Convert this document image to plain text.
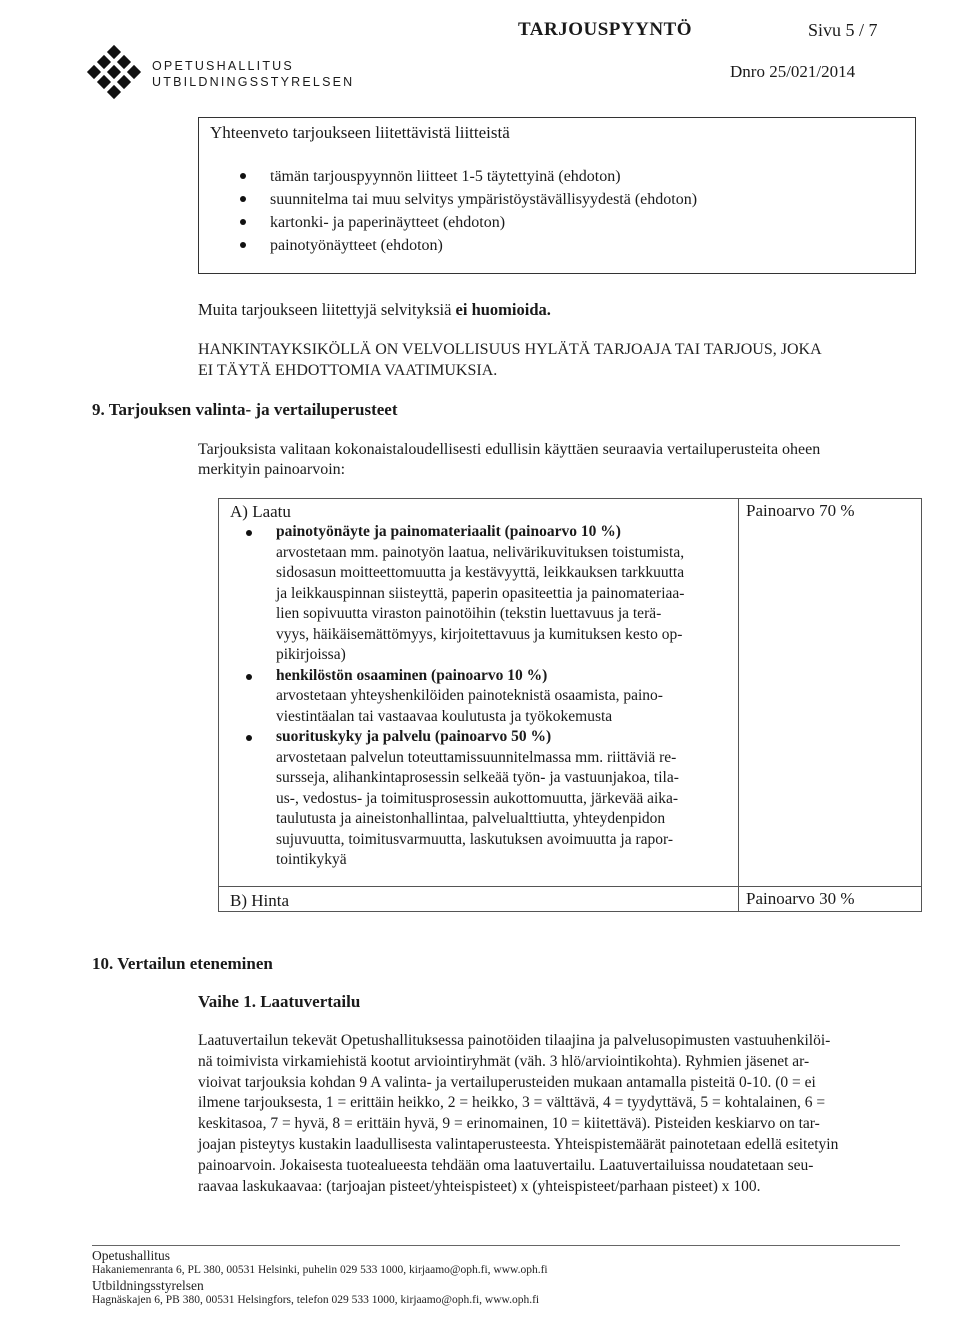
OPETUSHALLITUS
UTBILDNINGSSTYRELSEN
TARJOUSPYYNTÖ	Sivu 5 / 7
Dnro 25/021/2014
Yhteenveto tarjoukseen liitettävistä liitteistä
tämän tarjouspyynnön liitteet 1-5 täytettyinä (ehdoton)
suunnitelma tai muu selvitys ympäristöystävällisyydestä (ehdoton)
kartonki- ja paperinäytteet (ehdoton)
painotyönäytteet (ehdoton)
Muita tarjoukseen liitettyjä selvityksiä ei huomioida.
HANKINTAYKSIKÖLLÄ ON VELVOLLISUUS HYLÄTÄ TARJOAJA TAI TARJOUS, JOKA
EI TÄYTÄ EHDOTTOMIA VAATIMUKSIA.
9. Tarjouksen valinta- ja vertailuperusteet
Tarjouksista valitaan kokonaistaloudellisesti edullisin käyttäen seuraavia vertailuperusteita oheen
merkityin painoarvoin:
A) Laatu	Painoarvo 70 %
painotyönäyte ja painomateriaalit (painoarvo 10 %)
arvostetaan mm. painotyön laatua, nelivärikuvituksen toistumista,
sidosasun moitteettomuutta ja kestävyyttä, leikkauksen tarkkuutta
ja leikkauspinnan siisteyttä, paperin opasiteettia ja painomateriaa-
lien sopivuutta viraston painotöihin (tekstin luettavuus ja terä-
vyys, häikäisemättömyys, kirjoitettavuus ja kumituksen kesto op-
pikirjoissa)
henkilöstön osaaminen (painoarvo 10 %)
arvostetaan yhteyshenkilöiden painoteknistä osaamista, paino-
viestintäalan tai vastaavaa koulutusta ja työkokemusta
suorituskyky ja palvelu (painoarvo 50 %)
arvostetaan palvelun toteuttamissuunnitelmassa mm. riittäviä re-
sursseja, alihankintaprosessin selkeää työn- ja vastuunjakoa, tila-
us-, vedostus- ja toimitusprosessin aukottomuutta, järkevää aika-
taulutusta ja aineistonhallintaa, palvelualttiutta, yhteydenpidon
sujuvuutta, toimitusvarmuutta, laskutuksen avoimuutta ja rapor-
tointikykyä
B) Hinta	Painoarvo 30 %
10. Vertailun eteneminen
Vaihe 1. Laatuvertailu
Laatuvertailun tekevät Opetushallituksessa painotöiden tilaajina ja palvelusopimusten vastuuhenkilöi-
nä toimivista virkamiehistä kootut arviointiryhmät (väh. 3 hlö/arviointikohta). Ryhmien jäsenet ar-
vioivat tarjouksia kohdan 9 A valinta- ja vertailuperusteiden mukaan antamalla pisteitä 0-10. (0 = ei
ilmene tarjouksesta, 1 = erittäin heikko, 2 = heikko, 3 = välttävä, 4 = tyydyttävä, 5 = kohtalainen, 6 =
keskitasoa, 7 = hyvä, 8 = erittäin hyvä, 9 = erinomainen, 10 = kiitettävä). Pisteiden keskiarvo on tar-
joajan pisteytys kustakin laadullisesta valintaperusteesta. Yhteispistemäärät painotetaan edellä esitetyin
painoarvoin. Jokaisesta tuotealueesta tehdään oma laatuvertailu. Laatuvertailuissa noudatetaan seu-
raavaa laskukaavaa: (tarjoajan pisteet/yhteispisteet) x (yhteispisteet/parhaan pisteet) x 100.
Opetushallitus
Hakaniemenranta 6, PL 380, 00531 Helsinki, puhelin 029 533 1000, kirjaamo@oph.fi, www.oph.fi
Utbildningsstyrelsen
Hagnäskajen 6, PB 380, 00531 Helsingfors, telefon 029 533 1000, kirjaamo@oph.fi, www.oph.fi
